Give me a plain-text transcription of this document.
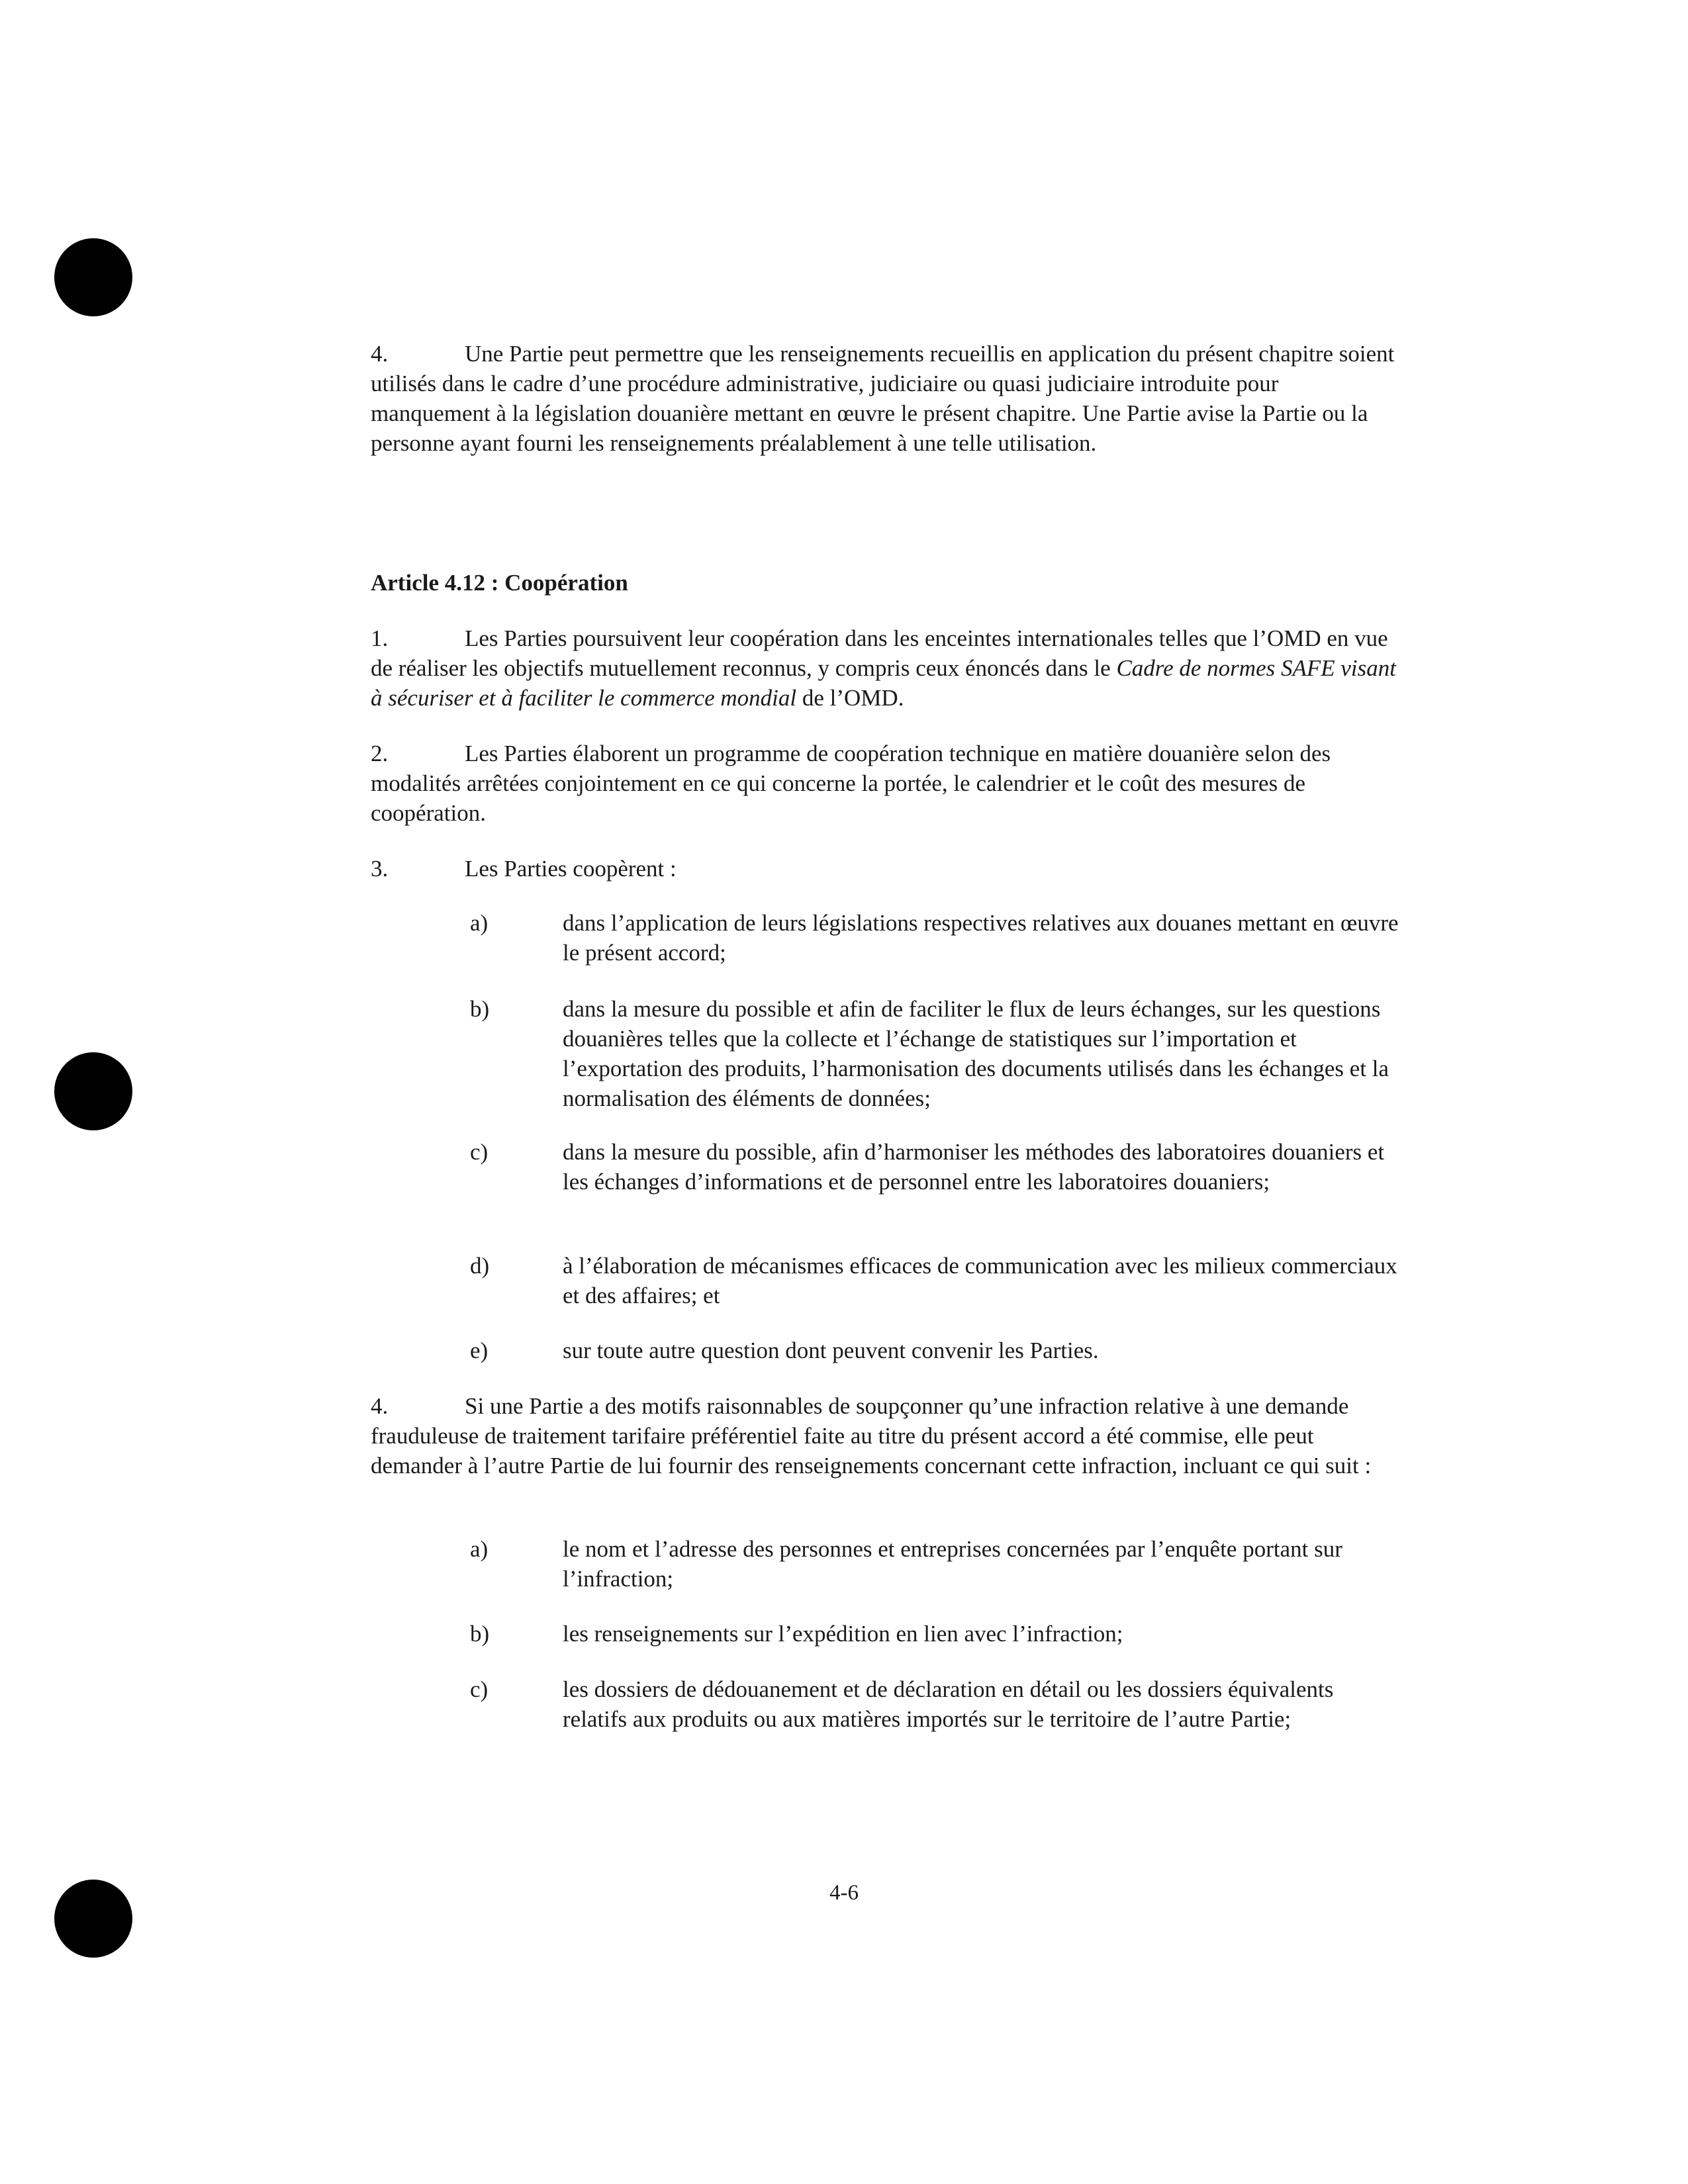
4.	Une Partie peut permettre que les renseignements recueillis en application du présent chapitre soient utilisés dans le cadre d’une procédure administrative, judiciaire ou quasi judiciaire introduite pour manquement à la législation douanière mettant en œuvre le présent chapitre. Une Partie avise la Partie ou la personne ayant fourni les renseignements préalablement à une telle utilisation.

Article 4.12 : Coopération

1.	Les Parties poursuivent leur coopération dans les enceintes internationales telles que l’OMD en vue de réaliser les objectifs mutuellement reconnus, y compris ceux énoncés dans le Cadre de normes SAFE visant à sécuriser et à faciliter le commerce mondial de l’OMD.

2.	Les Parties élaborent un programme de coopération technique en matière douanière selon des modalités arrêtées conjointement en ce qui concerne la portée, le calendrier et le coût des mesures de coopération.

3.	Les Parties coopèrent :

a)	dans l’application de leurs législations respectives relatives aux douanes mettant en œuvre le présent accord;
b)	dans la mesure du possible et afin de faciliter le flux de leurs échanges, sur les questions douanières telles que la collecte et l’échange de statistiques sur l’importation et l’exportation des produits, l’harmonisation des documents utilisés dans les échanges et la normalisation des éléments de données;
c)	dans la mesure du possible, afin d’harmoniser les méthodes des laboratoires douaniers et les échanges d’informations et de personnel entre les laboratoires douaniers;
d)	à l’élaboration de mécanismes efficaces de communication avec les milieux commerciaux et des affaires; et
e)	sur toute autre question dont peuvent convenir les Parties.

4.	Si une Partie a des motifs raisonnables de soupçonner qu’une infraction relative à une demande frauduleuse de traitement tarifaire préférentiel faite au titre du présent accord a été commise, elle peut demander à l’autre Partie de lui fournir des renseignements concernant cette infraction, incluant ce qui suit :

a)	le nom et l’adresse des personnes et entreprises concernées par l’enquête portant sur l’infraction;
b)	les renseignements sur l’expédition en lien avec l’infraction;
c)	les dossiers de dédouanement et de déclaration en détail ou les dossiers équivalents relatifs aux produits ou aux matières importés sur le territoire de l’autre Partie;
4-6
